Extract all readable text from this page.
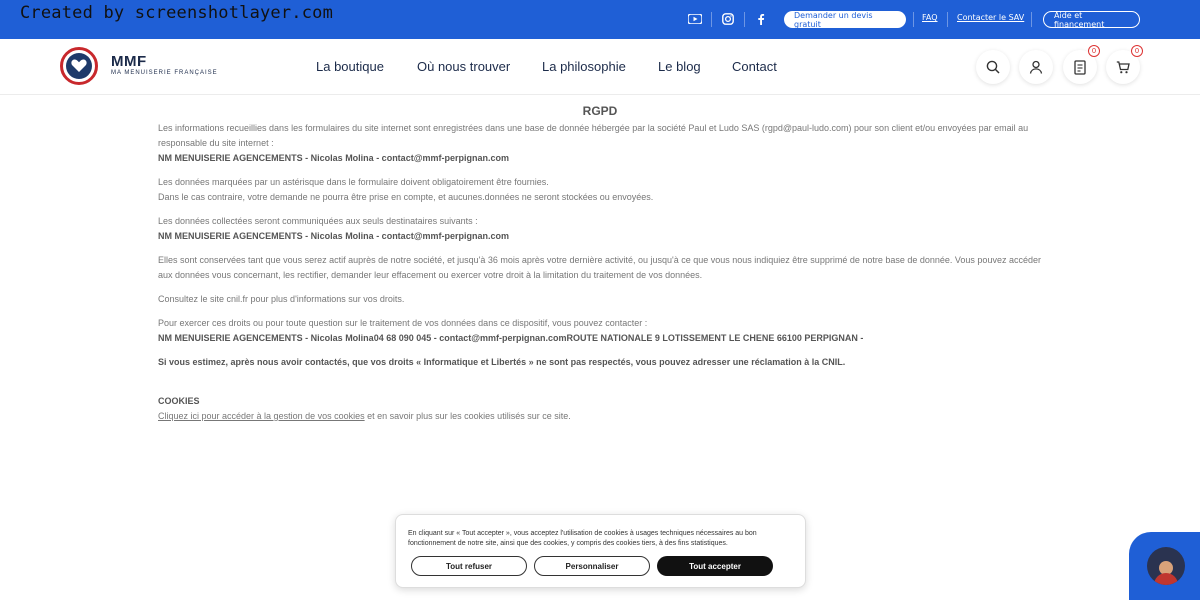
Created by screenshotlayer.com	Demander un devis gratuit
FAQ Contacter le SAV	Aide et financement
MMF
MA MENUISERIE FRANÇAISE	La boutique	Où nous trouver La philosophie Le blog Contact
0	0
RGPD

Les informations recueillies dans les formulaires du site internet sont enregistrées dans une base de donnée hébergée par la société Paul et Ludo SAS (rgpd@paul-ludo.com) pour son client et/ou envoyées par email au responsable du site internet :
NM MENUISERIE AGENCEMENTS - Nicolas Molina - contact@mmf-perpignan.com

Les données marquées par un astérisque dans le formulaire doivent obligatoirement être fournies.
Dans le cas contraire, votre demande ne pourra être prise en compte, et aucunes.données ne seront stockées ou envoyées.

Les données collectées seront communiquées aux seuls destinataires suivants :
NM MENUISERIE AGENCEMENTS - Nicolas Molina - contact@mmf-perpignan.com

Elles sont conservées tant que vous serez actif auprès de notre société, et jusqu'à 36 mois après votre dernière activité, ou jusqu'à ce que vous nous indiquiez être supprimé de notre base de donnée. Vous pouvez accéder aux données vous concernant, les rectifier, demander leur effacement ou exercer votre droit à la limitation du traitement de vos données.

Consultez le site cnil.fr pour plus d'informations sur vos droits.

Pour exercer ces droits ou pour toute question sur le traitement de vos données dans ce dispositif, vous pouvez contacter :
NM MENUISERIE AGENCEMENTS - Nicolas Molina04 68 090 045 - contact@mmf-perpignan.comROUTE NATIONALE 9 LOTISSEMENT LE CHENE 66100 PERPIGNAN -

Si vous estimez, après nous avoir contactés, que vos droits « Informatique et Libertés » ne sont pas respectés, vous pouvez adresser une réclamation à la CNIL.

COOKIES
Cliquez ici pour accéder à la gestion de vos cookies et en savoir plus sur les cookies utilisés sur ce site.

En cliquant sur « Tout accepter », vous acceptez l'utilisation de cookies à usages techniques nécessaires au bon fonctionnement de notre site, ainsi que des cookies, y compris des cookies tiers, à des fins statistiques.
Tout refuser	Personnaliser	Tout accepter
